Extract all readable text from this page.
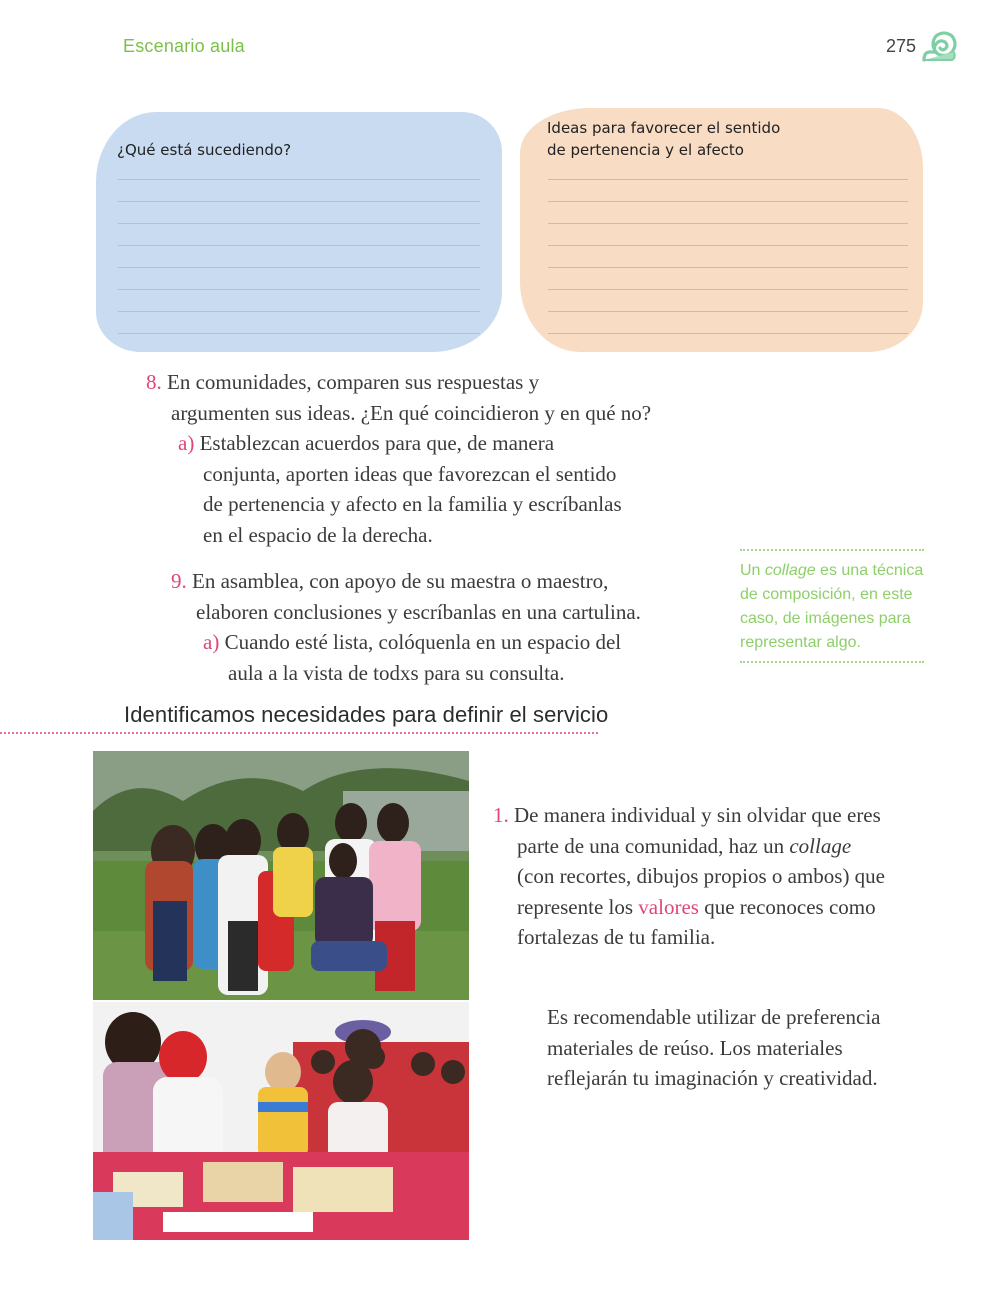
Escenario aula	275
¿Qué está sucediendo?
Ideas para favorecer el sentido
de pertenencia y el afecto
8. En comunidades, comparen sus respuestas y
argumenten sus ideas. ¿En qué coincidieron y en qué no?
a) Establezcan acuerdos para que, de manera
conjunta, aporten ideas que favorezcan el sentido
de pertenencia y afecto en la familia y escríbanlas
en el espacio de la derecha.
9. En asamblea, con apoyo de su maestra o maestro,
elaboren conclusiones y escríbanlas en una cartulina.
a) Cuando esté lista, colóquenla en un espacio del
aula a la vista de todxs para su consulta.
Un collage es una técnica
de composición, en este
caso, de imágenes para
representar algo.
Identificamos necesidades para definir el servicio
1. De manera individual y sin olvidar que eres
parte de una comunidad, haz un collage
(con recortes, dibujos propios o ambos) que
represente los valores que reconoces como
fortalezas de tu familia.
Es recomendable utilizar de preferencia
materiales de reúso. Los materiales
reflejarán tu imaginación y creatividad.
